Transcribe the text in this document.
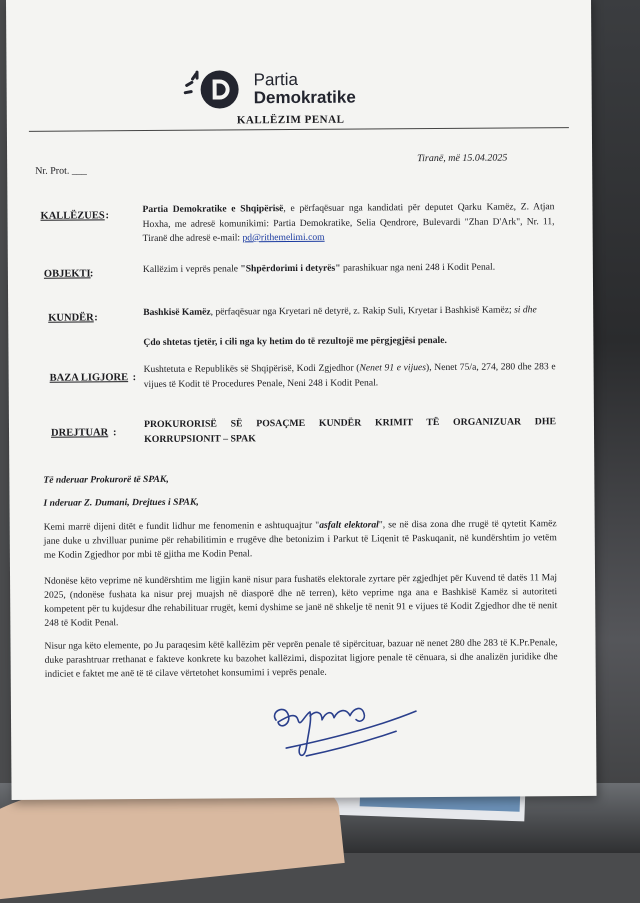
Partia
Demokratike
KALLËZIM PENAL
Tiranë, më 15.04.2025
Nr. Prot. ___
KALLËZUES :
Partia Demokratike e Shqipërisë, e përfaqësuar nga kandidati për deputet Qarku Kamëz, Z. Atjan Hoxha, me adresë komunikimi: Partia Demokratike, Selia Qendrore, Bulevardi "Zhan D'Ark", Nr. 11, Tiranë dhe adresë e-mail: pd@rithemelimi.com
OBJEKTI :	Kallëzim i veprës penale "Shpërdorimi i detyrës" parashikuar nga neni 248 i Kodit Penal.
KUNDËR :	Bashkisë Kamëz, përfaqësuar nga Kryetari në detyrë, z. Rakip Suli, Kryetar i Bashkisë Kamëz; si dhe
Çdo shtetas tjetër, i cili nga ky hetim do të rezultojë me përgjegjësi penale.
BAZA LIGJORE :
Kushtetuta e Republikës së Shqipërisë, Kodi Zgjedhor (Nenet 91 e vijues), Nenet 75/a, 274, 280 dhe 283 e vijues të Kodit të Procedures Penale, Neni 248 i Kodit Penal.
DREJTUAR :
PROKURORISË SË POSAÇME KUNDËR KRIMIT TË ORGANIZUAR DHE KORRUPSIONIT – SPAK
Të nderuar Prokurorë të SPAK,
I nderuar Z. Dumani, Drejtues i SPAK,
Kemi marrë dijeni ditët e fundit lidhur me fenomenin e ashtuquajtur "asfalt elektoral", se në disa zona dhe rrugë të qytetit Kamëz jane duke u zhvilluar punime për rehabilitimin e rrugëve dhe betonizim i Parkut të Liqenit të Paskuqanit, në kundërshtim jo vetëm me Kodin Zgjedhor por mbi të gjitha me Kodin Penal.
Ndonëse këto veprime në kundërshtim me ligjin kanë nisur para fushatës elektorale zyrtare për zgjedhjet për Kuvend të datës 11 Maj 2025, (ndonëse fushata ka nisur prej muajsh në diasporë dhe në terren), këto veprime nga ana e Bashkisë Kamëz si autoriteti kompetent për tu kujdesur dhe rehabilituar rrugët, kemi dyshime se janë në shkelje të nenit 91 e vijues të Kodit Zgjedhor dhe të nenit 248 të Kodit Penal.
Nisur nga këto elemente, po Ju paraqesim këtë kallëzim për veprën penale të sipërcituar, bazuar në nenet 280 dhe 283 të K.Pr.Penale, duke parashtruar rrethanat e fakteve konkrete ku bazohet kallëzimi, dispozitat ligjore penale të cënuara, si dhe analizën juridike dhe indiciet e faktet me anë të të cilave vërtetohet konsumimi i veprës penale.
